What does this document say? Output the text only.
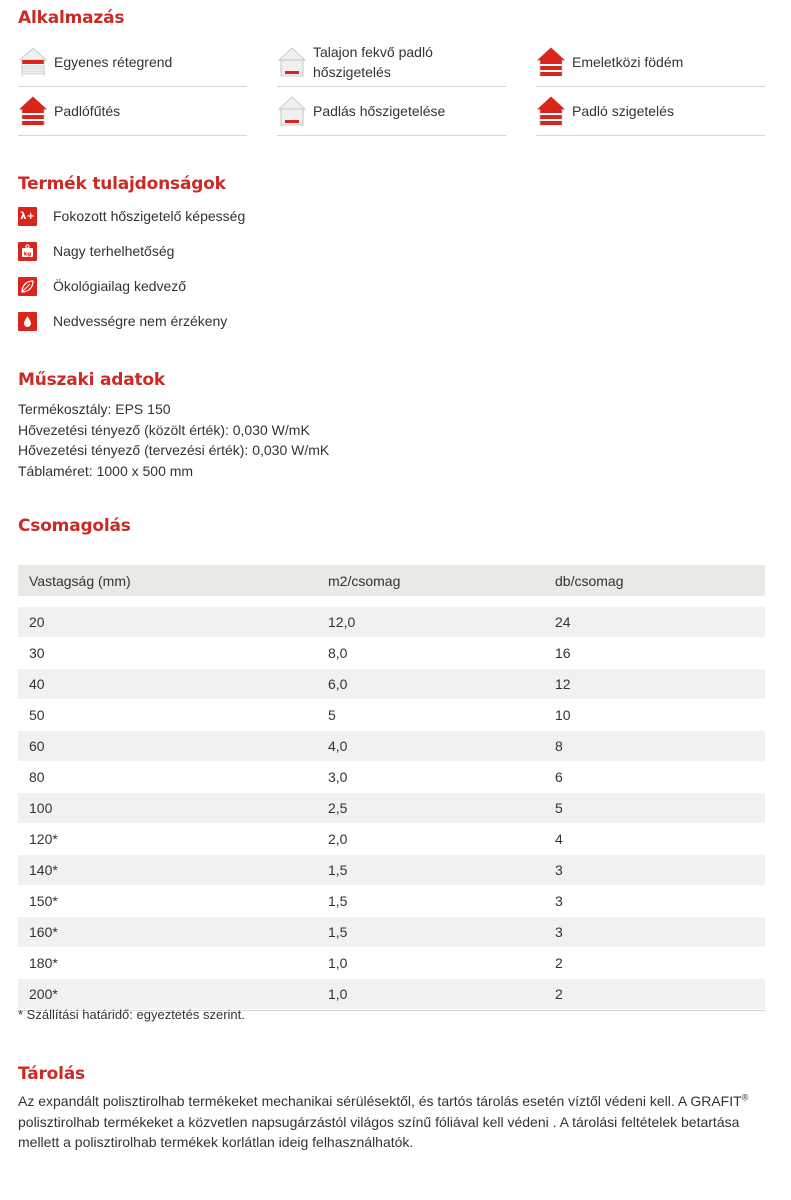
Alkalmazás
Egyenes rétegrend
Talajon fekvő padló
hőszigetelés
Emeletközi födém
Padlófűtés	Padlás hőszigetelése	Padló szigetelés
Termék tulajdonságok
λ+ Fokozott hőszigetelő képesség
kg Nagy terhelhetőség
Ökológiailag kedvező
Nedvességre nem érzékeny
Műszaki adatok
Termékosztály: EPS 150
Hővezetési tényező (közölt érték): 0,030 W/mK
Hővezetési tényező (tervezési érték): 0,030 W/mK
Táblaméret: 1000 x 500 mm
Csomagolás
Vastagság (mm)	m2/csomag	db/csomag
20	12,0	24
30	8,0	16
40	6,0	12
50	5	10
60	4,0	8
80	3,0	6
100	2,5	5
120*	2,0	4
140*	1,5	3
150*	1,5	3
160*	1,5	3
180*	1,0	2
200*	1,0	2
* Szállítási határidő: egyeztetés szerint.
Tárolás
Az expandált polisztirolhab termékeket mechanikai sérülésektől, és tartós tárolás esetén víztől védeni kell. A GRAFIT® polisztirolhab termékeket a közvetlen napsugárzástól világos színű fóliával kell védeni . A tárolási feltételek betartása mellett a polisztirolhab termékek korlátlan ideig felhasználhatók.
